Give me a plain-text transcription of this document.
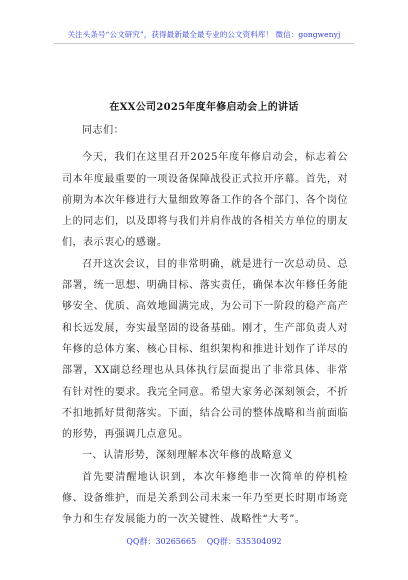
关注头条号“公文研究”，获得最新最全最专业的公文资料库！ 微信：gongwenyj
在XX公司2025年度年修启动会上的讲话

同志们：

今天，我们在这里召开2025年度年修启动会，标志着公司本年度最重要的一项设备保障战役正式拉开序幕。首先，对前期为本次年修进行大量细致筹备工作的各个部门、各个岗位上的同志们，以及即将与我们并肩作战的各相关方单位的朋友们，表示衷心的感谢。

召开这次会议，目的非常明确，就是进行一次总动员、总部署，统一思想、明确目标、落实责任，确保本次年修任务能够安全、优质、高效地圆满完成，为公司下一阶段的稳产高产和长远发展，夯实最坚固的设备基础。刚才，生产部负责人对年修的总体方案、核心目标、组织架构和推进计划作了详尽的部署，XX副总经理也从具体执行层面提出了非常具体、非常有针对性的要求。我完全同意。希望大家务必深刻领会，不折不扣地抓好贯彻落实。下面，结合公司的整体战略和当前面临的形势，再强调几点意见。

一、认清形势，深刻理解本次年修的战略意义

首先要清醒地认识到，本次年修绝非一次简单的停机检修、设备维护，而是关系到公司未来一年乃至更长时期市场竞争力和生存发展能力的一次关键性、战略性“大考”。

QQ群：30265665 QQ群：535304092
